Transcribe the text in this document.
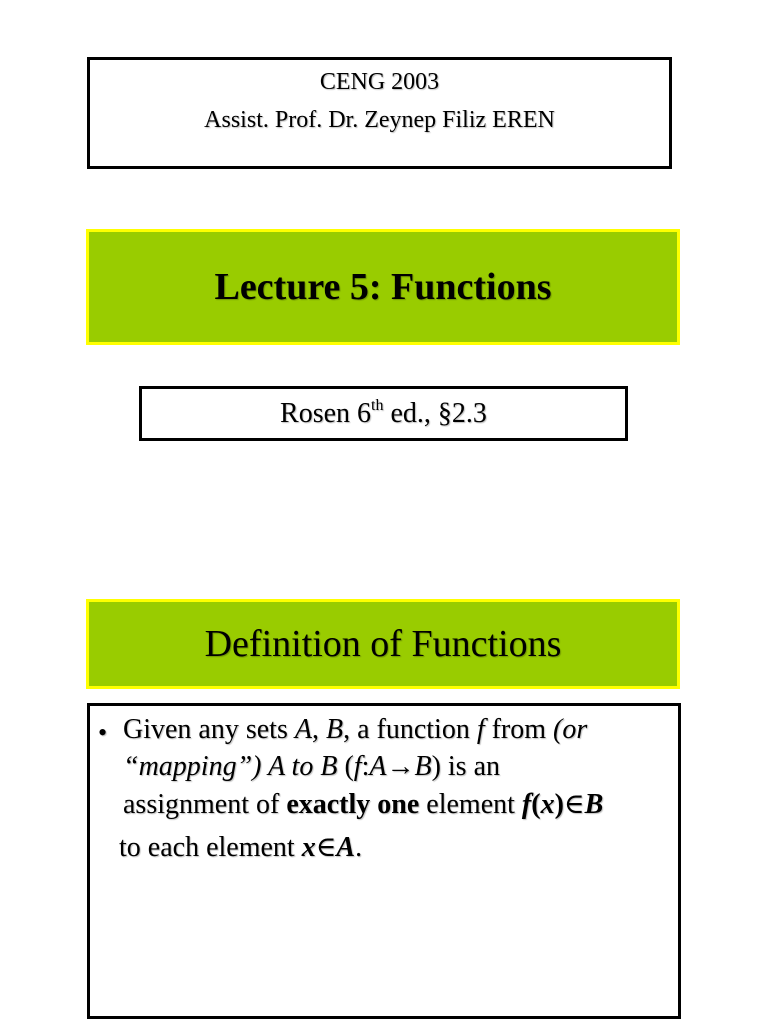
CENG 2003
Assist. Prof. Dr. Zeynep Filiz EREN
Lecture 5: Functions
Rosen 6th ed., §2.3
Definition of Functions
• Given any sets A, B, a function f from (or
“mapping”) A to B (f:A→B) is an
assignment of exactly one element f(x)∈B
to each element x∈A.
